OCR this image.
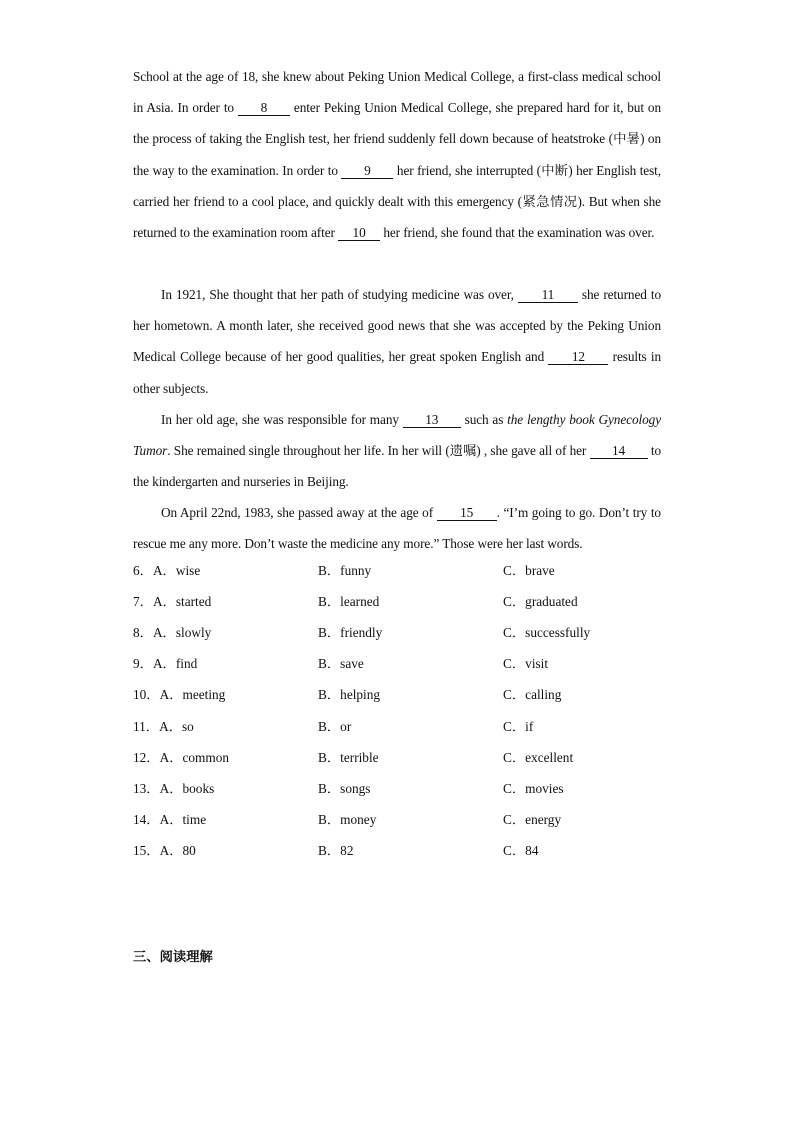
School at the age of 18, she knew about Peking Union Medical College, a first-class medical school in Asia. In order to 8 enter Peking Union Medical College, she prepared hard for it, but on the process of taking the English test, her friend suddenly fell down because of heatstroke (中暑) on the way to the examination. In order to 9 her friend, she interrupted (中断) her English test, carried her friend to a cool place, and quickly dealt with this emergency (紧急情况). But when she returned to the examination room after 10 her friend, she found that the examination was over.
In 1921, She thought that her path of studying medicine was over, 11 she returned to her hometown. A month later, she received good news that she was accepted by the Peking Union Medical College because of her good qualities, her great spoken English and 12 results in other subjects.
In her old age, she was responsible for many 13 such as the lengthy book Gynecology Tumor. She remained single throughout her life. In her will (遗嘱) , she gave all of her 14 to the kindergarten and nurseries in Beijing.
On April 22nd, 1983, she passed away at the age of 15 . “I’m going to go. Don’t try to rescue me any more. Don’t waste the medicine any more.” Those were her last words.
6．A．wise	B．funny	C．brave
7．A．started	B．learned	C．graduated
8．A．slowly	B．friendly	C．successfully
9．A．find	B．save	C．visit
10．A．meeting	B．helping	C．calling
11．A．so	B．or	C．if
12．A．common	B．terrible	C．excellent
13．A．books	B．songs	C．movies
14．A．time	B．money	C．energy
15．A．80	B．82	C．84
三、阅读理解
